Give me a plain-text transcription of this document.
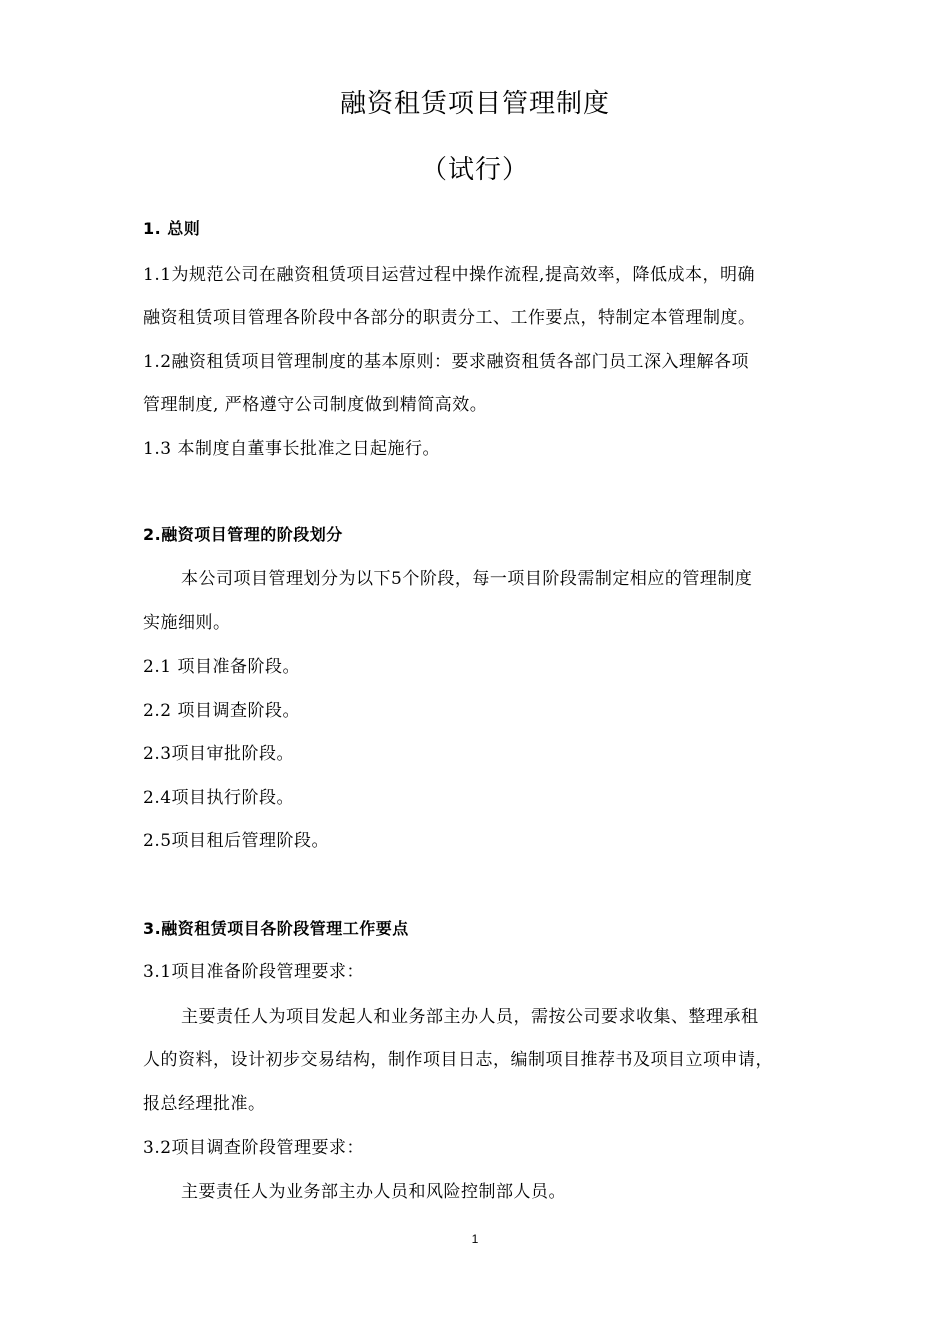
融资租赁项目管理制度
（试行）
1. 总则
1.1为规范公司在融资租赁项目运营过程中操作流程,提高效率，降低成本，明确
融资租赁项目管理各阶段中各部分的职责分工、工作要点，特制定本管理制度。
1.2融资租赁项目管理制度的基本原则：要求融资租赁各部门员工深入理解各项
管理制度, 严格遵守公司制度做到精简高效。
1.3 本制度自董事长批准之日起施行。
2.融资项目管理的阶段划分
本公司项目管理划分为以下5个阶段，每一项目阶段需制定相应的管理制度
实施细则。
2.1 项目准备阶段。
2.2 项目调查阶段。
2.3项目审批阶段。
2.4项目执行阶段。
2.5项目租后管理阶段。
3.融资租赁项目各阶段管理工作要点
3.1项目准备阶段管理要求：
主要责任人为项目发起人和业务部主办人员，需按公司要求收集、整理承租
人的资料，设计初步交易结构，制作项目日志，编制项目推荐书及项目立项申请，
报总经理批准。
3.2项目调查阶段管理要求：
主要责任人为业务部主办人员和风险控制部人员。
1
